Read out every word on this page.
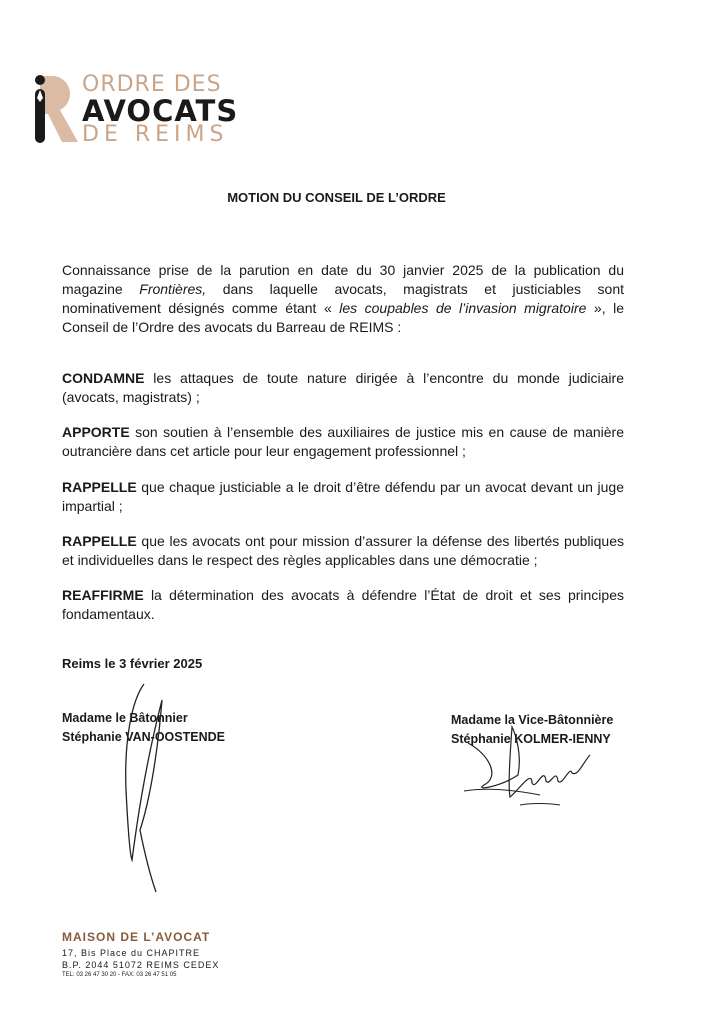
ORDRE DES
AVOCATS
DE REIMS
MOTION DU CONSEIL DE L’ORDRE
Connaissance prise de la parution en date du 30 janvier 2025 de la publication du magazine Frontières, dans laquelle avocats, magistrats et justiciables sont nominativement désignés comme étant « les coupables de l’invasion migratoire », le Conseil de l’Ordre des avocats du Barreau de REIMS :
CONDAMNE les attaques de toute nature dirigée à l’encontre du monde judiciaire (avocats, magistrats) ;
APPORTE son soutien à l’ensemble des auxiliaires de justice mis en cause de manière outrancière dans cet article pour leur engagement professionnel ;
RAPPELLE que chaque justiciable a le droit d’être défendu par un avocat devant un juge impartial ;
RAPPELLE que les avocats ont pour mission d’assurer la défense des libertés publiques et individuelles dans le respect des règles applicables dans une démocratie ;
REAFFIRME la détermination des avocats à défendre l’État de droit et ses principes fondamentaux.
Reims le 3 février 2025
Madame le Bâtonnier
Stéphanie VAN-OOSTENDE
Madame la Vice-Bâtonnière
Stéphanie KOLMER-IENNY
MAISON DE L’AVOCAT
17, Bis Place du CHAPITRE
B.P. 2044 51072 REIMS CEDEX
TEL: 03 26 47 30 20 - FAX: 03 26 47 51 05
